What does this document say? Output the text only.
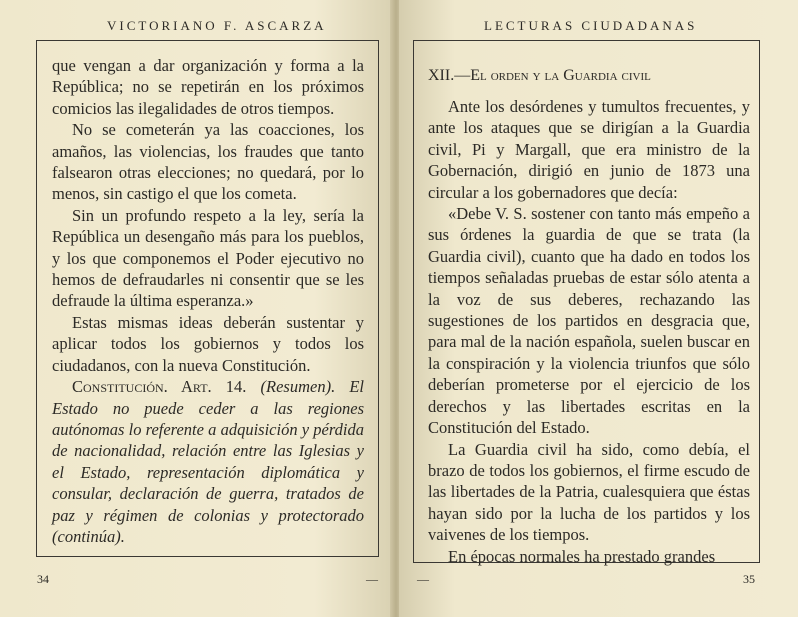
VICTORIANO F. ASCARZA

que vengan a dar organización y forma a la República; no se repetirán en los próximos comicios las ilegalidades de otros tiempos.

No se cometerán ya las coacciones, los amaños, las violencias, los fraudes que tanto falsearon otras elecciones; no quedará, por lo menos, sin castigo el que los cometa.

Sin un profundo respeto a la ley, sería la República un desengaño más para los pueblos, y los que componemos el Poder ejecutivo no hemos de defraudarles ni consentir que se les defraude la última esperanza.»

Estas mismas ideas deberán sustentar y aplicar todos los gobiernos y todos los ciudadanos, con la nueva Constitución.

Constitución. Art. 14. (Resumen). El Estado no puede ceder a las regiones autónomas lo referente a adquisición y pérdida de nacionalidad, relación entre las Iglesias y el Estado, representación diplomática y consular, declaración de guerra, tratados de paz y régimen de colonias y protectorado (continúa).

34	—
LECTURAS CIUDADANAS
XII.—El orden y la Guardia civil

Ante los desórdenes y tumultos frecuentes, y ante los ataques que se dirigían a la Guardia civil, Pi y Margall, que era ministro de la Gobernación, dirigió en junio de 1873 una circular a los gobernadores que decía:

«Debe V. S. sostener con tanto más empeño a sus órdenes la guardia de que se trata (la Guardia civil), cuanto que ha dado en todos los tiempos señaladas pruebas de estar sólo atenta a la voz de sus deberes, rechazando las sugestiones de los partidos en desgracia que, para mal de la nación española, suelen buscar en la conspiración y la violencia triunfos que sólo deberían prometerse por el ejercicio de los derechos y las libertades escritas en la Constitución del Estado.

La Guardia civil ha sido, como debía, el brazo de todos los gobiernos, el firme escudo de las libertades de la Patria, cualesquiera que éstas hayan sido por la lucha de los partidos y los vaivenes de los tiempos.

En épocas normales ha prestado grandes

—	35
